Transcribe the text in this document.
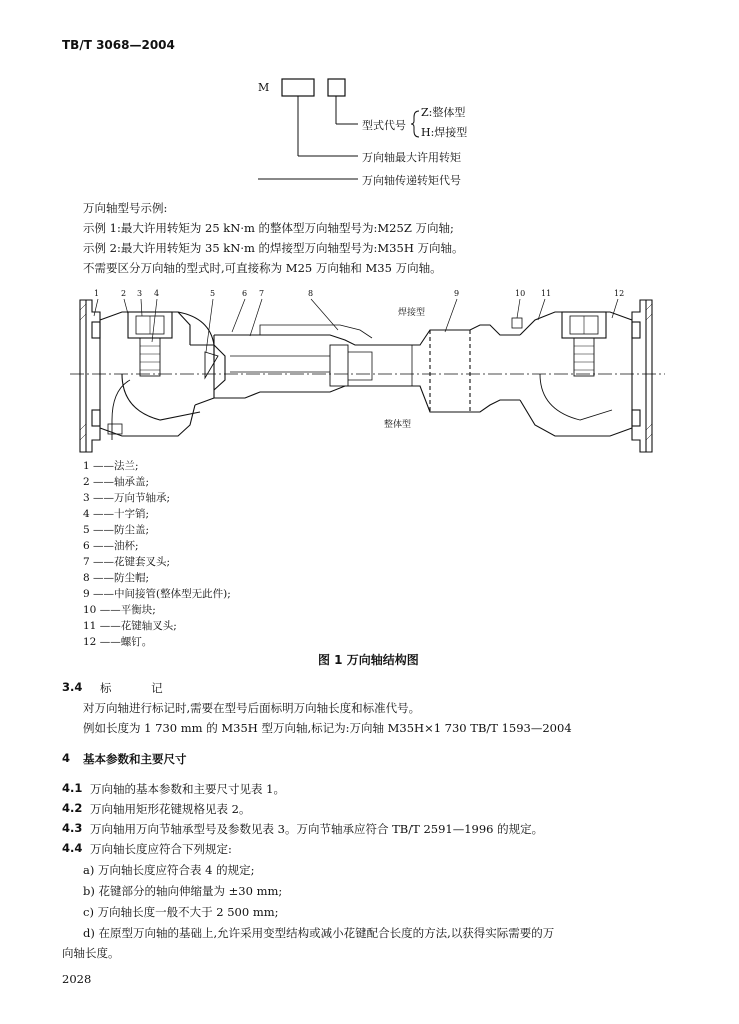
TB/T 3068—2004
M
型式代号
Z:整体型
H:焊接型
万向轴最大许用转矩
万向轴传递转矩代号
万向轴型号示例:
示例 1:最大许用转矩为 25 kN·m 的整体型万向轴型号为:M25Z 万向轴;
示例 2:最大许用转矩为 35 kN·m 的焊接型万向轴型号为:M35H 万向轴。
不需要区分万向轴的型式时,可直接称为 M25 万向轴和 M35 万向轴。
1	2 3 4	5	6 7	8	9	10 11	12
焊接型
整体型
1 ——法兰;
2 ——轴承盖;
3 ——万向节轴承;
4 ——十字销;
5 ——防尘盖;
6 ——油杯;
7 ——花键套叉头;
8 ——防尘帽;
9 ——中间接管(整体型无此件);
10 ——平衡块;
11 ——花键轴叉头;
12 ——螺钉。
图 1 万向轴结构图
3.4 标 记
对万向轴进行标记时,需要在型号后面标明万向轴长度和标准代号。
例如长度为 1 730 mm 的 M35H 型万向轴,标记为:万向轴 M35H×1 730 TB/T 1593—2004
4 基本参数和主要尺寸
4.1 万向轴的基本参数和主要尺寸见表 1。
4.2 万向轴用矩形花键规格见表 2。
4.3 万向轴用万向节轴承型号及参数见表 3。万向节轴承应符合 TB/T 2591—1996 的规定。
4.4 万向轴长度应符合下列规定:
a) 万向轴长度应符合表 4 的规定;
b) 花键部分的轴向伸缩量为 ±30 mm;
c) 万向轴长度一般不大于 2 500 mm;
d) 在原型万向轴的基础上,允许采用变型结构或减小花键配合长度的方法,以获得实际需要的万
向轴长度。
2028
